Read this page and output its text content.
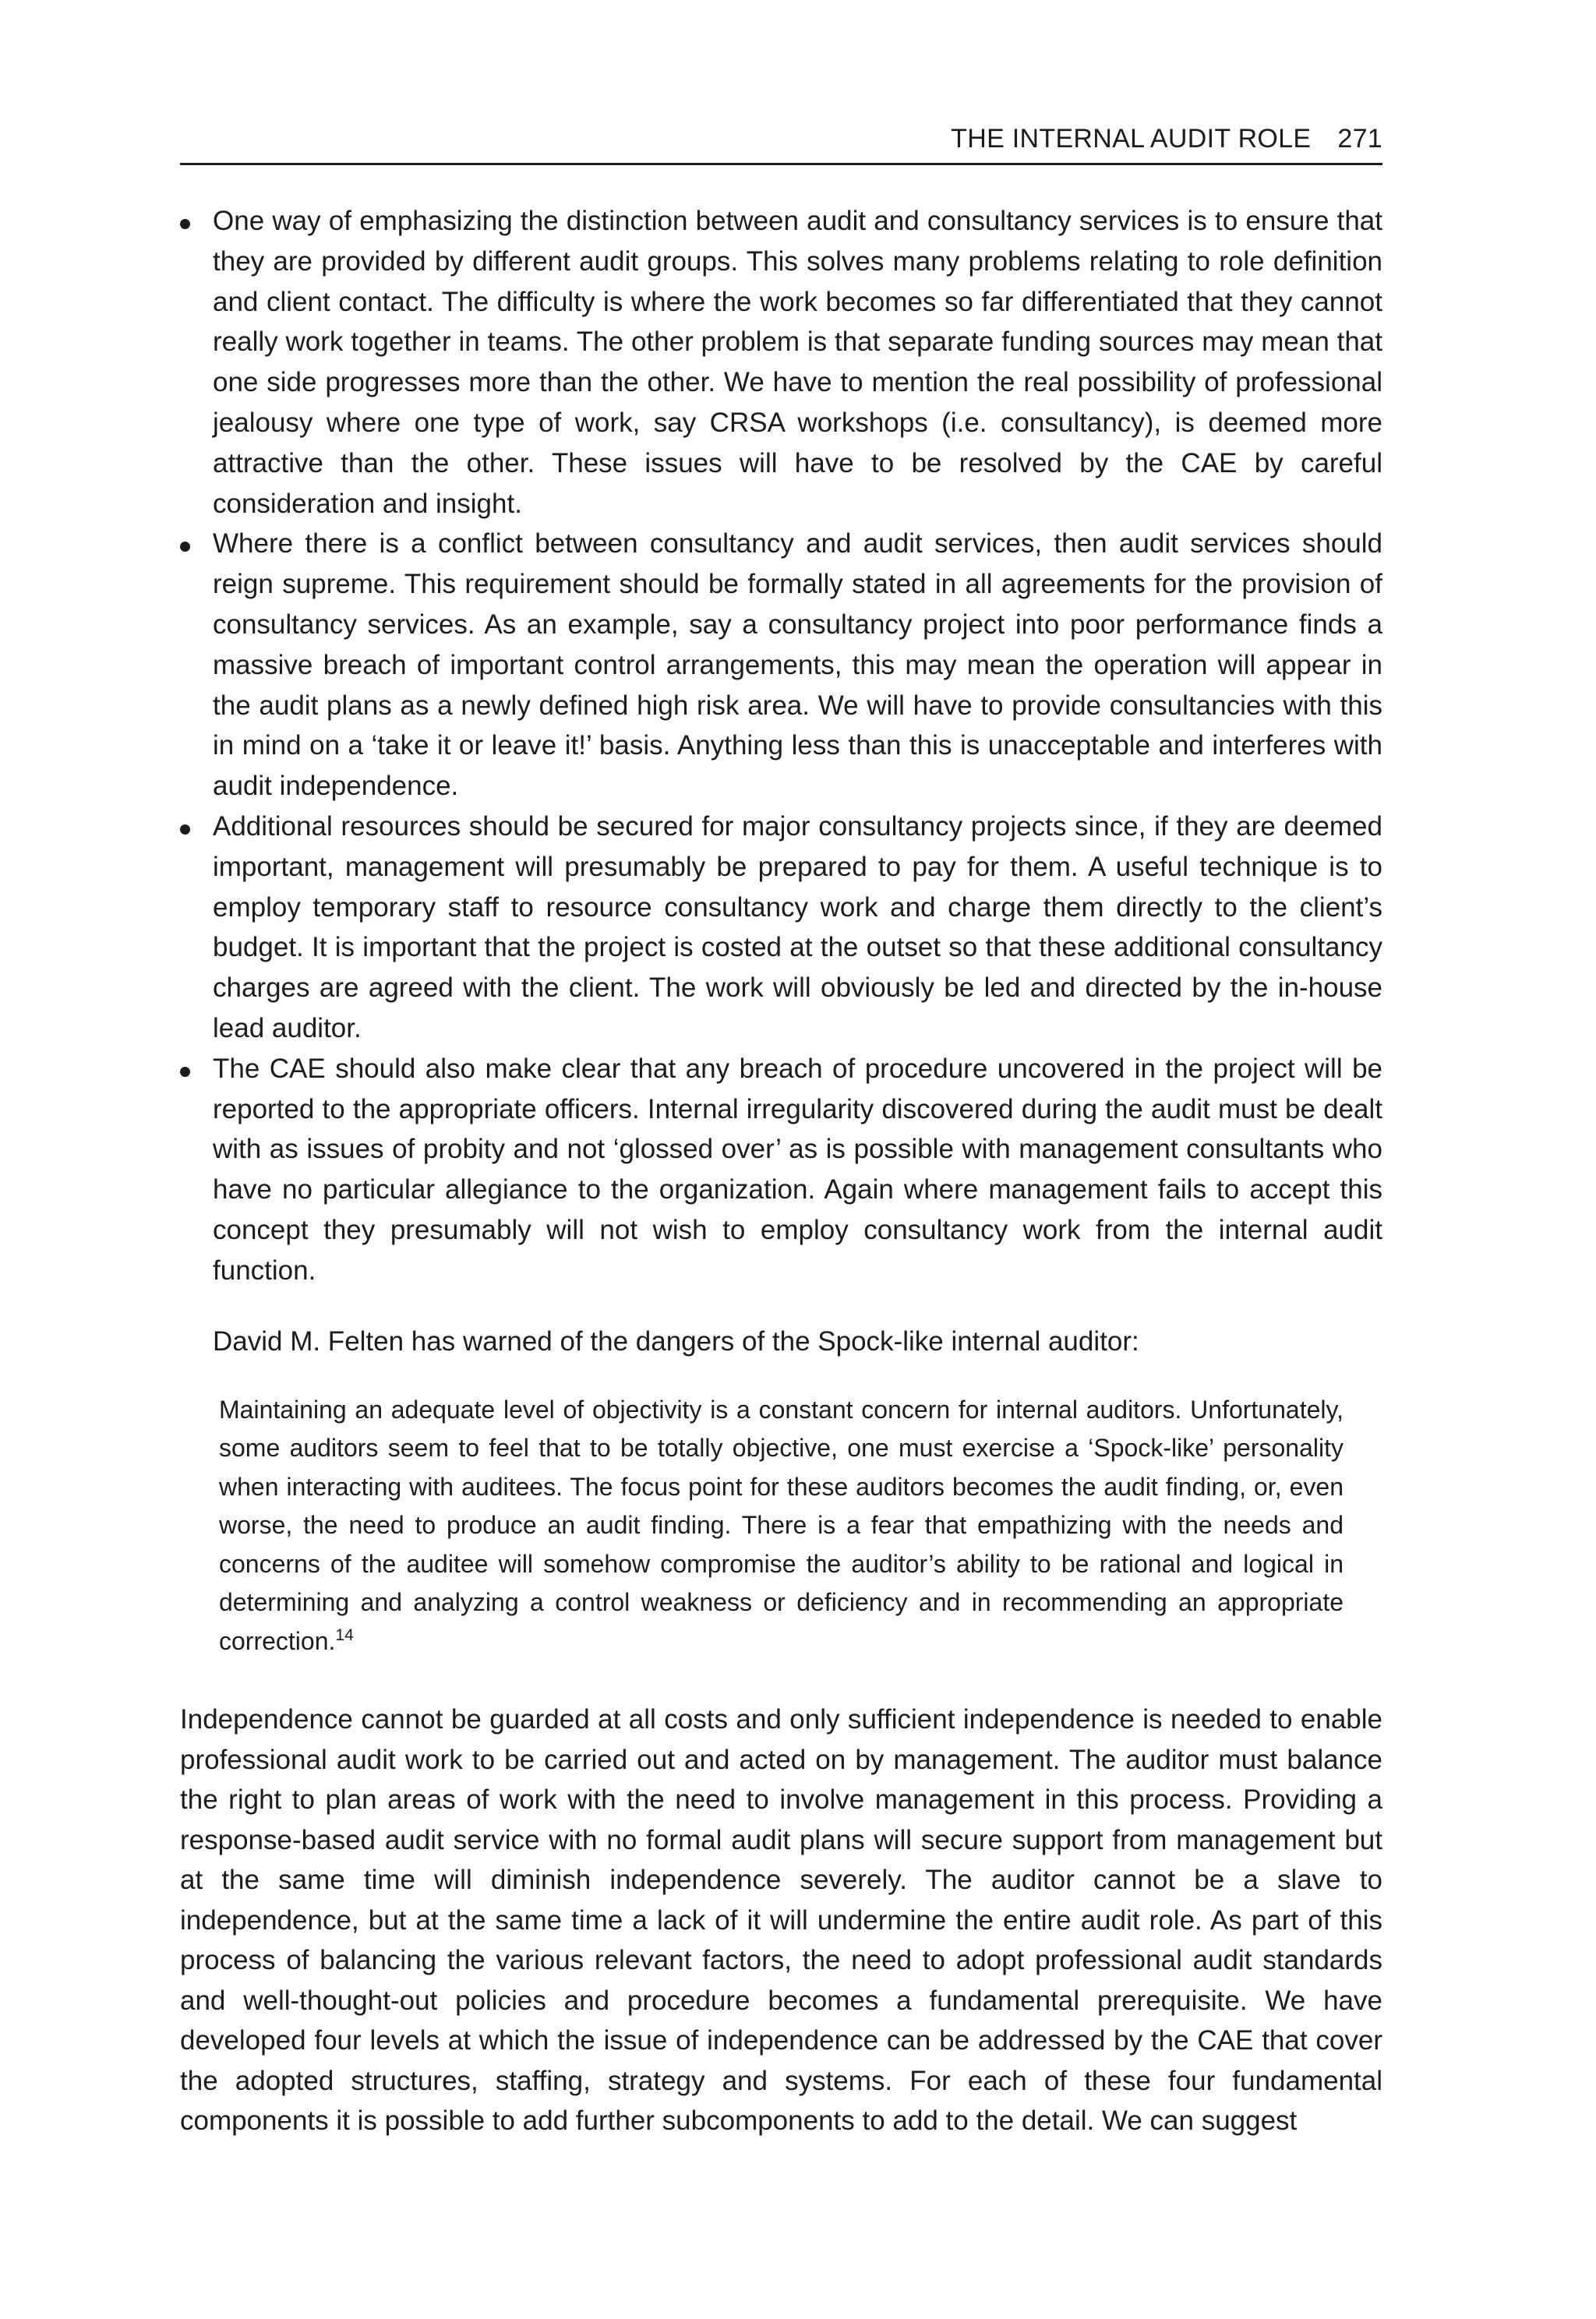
THE INTERNAL AUDIT ROLE 271
One way of emphasizing the distinction between audit and consultancy services is to ensure that they are provided by different audit groups. This solves many problems relating to role definition and client contact. The difficulty is where the work becomes so far differentiated that they cannot really work together in teams. The other problem is that separate funding sources may mean that one side progresses more than the other. We have to mention the real possibility of professional jealousy where one type of work, say CRSA workshops (i.e. consultancy), is deemed more attractive than the other. These issues will have to be resolved by the CAE by careful consideration and insight.
Where there is a conflict between consultancy and audit services, then audit services should reign supreme. This requirement should be formally stated in all agreements for the provision of consultancy services. As an example, say a consultancy project into poor performance finds a massive breach of important control arrangements, this may mean the operation will appear in the audit plans as a newly defined high risk area. We will have to provide consultancies with this in mind on a ‘take it or leave it!’ basis. Anything less than this is unacceptable and interferes with audit independence.
Additional resources should be secured for major consultancy projects since, if they are deemed important, management will presumably be prepared to pay for them. A useful technique is to employ temporary staff to resource consultancy work and charge them directly to the client’s budget. It is important that the project is costed at the outset so that these additional consultancy charges are agreed with the client. The work will obviously be led and directed by the in-house lead auditor.
The CAE should also make clear that any breach of procedure uncovered in the project will be reported to the appropriate officers. Internal irregularity discovered during the audit must be dealt with as issues of probity and not ‘glossed over’ as is possible with management consultants who have no particular allegiance to the organization. Again where management fails to accept this concept they presumably will not wish to employ consultancy work from the internal audit function.

David M. Felten has warned of the dangers of the Spock-like internal auditor:

Maintaining an adequate level of objectivity is a constant concern for internal auditors. Unfortunately, some auditors seem to feel that to be totally objective, one must exercise a ‘Spock-like’ personality when interacting with auditees. The focus point for these auditors becomes the audit finding, or, even worse, the need to produce an audit finding. There is a fear that empathizing with the needs and concerns of the auditee will somehow compromise the auditor’s ability to be rational and logical in determining and analyzing a control weakness or deficiency and in recommending an appropriate correction.$^{14}$

Independence cannot be guarded at all costs and only sufficient independence is needed to enable professional audit work to be carried out and acted on by management. The auditor must balance the right to plan areas of work with the need to involve management in this process. Providing a response-based audit service with no formal audit plans will secure support from management but at the same time will diminish independence severely. The auditor cannot be a slave to independence, but at the same time a lack of it will undermine the entire audit role. As part of this process of balancing the various relevant factors, the need to adopt professional audit standards and well-thought-out policies and procedure becomes a fundamental prerequisite. We have developed four levels at which the issue of independence can be addressed by the CAE that cover the adopted structures, staffing, strategy and systems. For each of these four fundamental components it is possible to add further subcomponents to add to the detail. We can suggest
